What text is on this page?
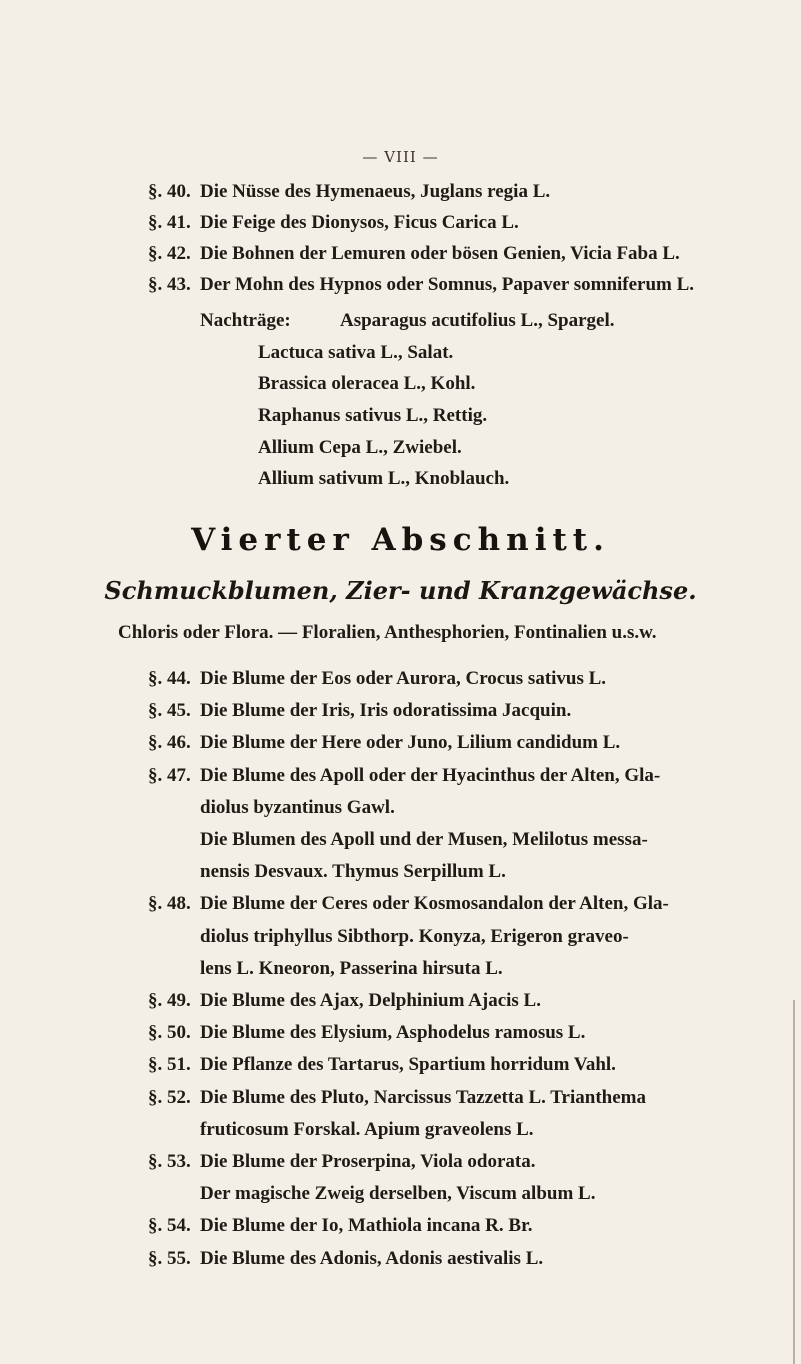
— VIII —
§. 40. Die Nüsse des Hymenaeus, Juglans regia L.
§. 41. Die Feige des Dionysos, Ficus Carica L.
§. 42. Die Bohnen der Lemuren oder bösen Genien, Vicia Faba L.
§. 43. Der Mohn des Hypnos oder Somnus, Papaver somniferum L.
Nachträge:	Asparagus acutifolius L., Spargel.
Lactuca sativa L., Salat.
Brassica oleracea L., Kohl.
Raphanus sativus L., Rettig.
Allium Cepa L., Zwiebel.
Allium sativum L., Knoblauch.
Vierter Abschnitt.
Schmuckblumen, Zier- und Kranzgewächse.
Chloris oder Flora. — Floralien, Anthesphorien, Fontinalien u.s.w.
§. 44. Die Blume der Eos oder Aurora, Crocus sativus L.
§. 45. Die Blume der Iris, Iris odoratissima Jacquin.
§. 46. Die Blume der Here oder Juno, Lilium candidum L.
§. 47. Die Blume des Apoll oder der Hyacinthus der Alten, Gla-
diolus byzantinus Gawl.
Die Blumen des Apoll und der Musen, Melilotus messa-
nensis Desvaux. Thymus Serpillum L.
§. 48. Die Blume der Ceres oder Kosmosandalon der Alten, Gla-
diolus triphyllus Sibthorp. Konyza, Erigeron graveo-
lens L. Kneoron, Passerina hirsuta L.
§. 49. Die Blume des Ajax, Delphinium Ajacis L.
§. 50. Die Blume des Elysium, Asphodelus ramosus L.
§. 51. Die Pflanze des Tartarus, Spartium horridum Vahl.
§. 52. Die Blume des Pluto, Narcissus Tazzetta L. Trianthema
fruticosum Forskal. Apium graveolens L.
§. 53. Die Blume der Proserpina, Viola odorata.
Der magische Zweig derselben, Viscum album L.
§. 54. Die Blume der Io, Mathiola incana R. Br.
§. 55. Die Blume des Adonis, Adonis aestivalis L.
